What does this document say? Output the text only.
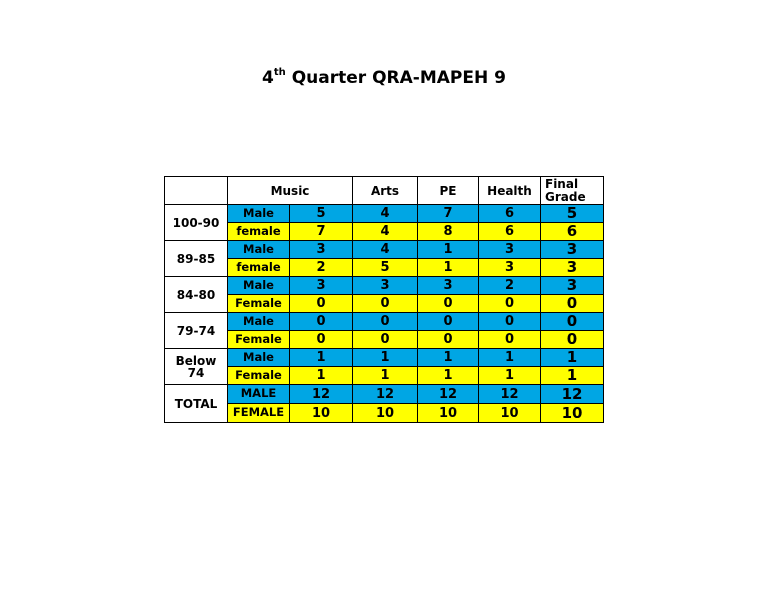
4th Quarter QRA-MAPEH 9
	Music		Arts	PE	Health	Final
Grade
100-90	Male	5	4	7	6	5
	female	7	4	8	6	6
89-85	Male	3	4	1	3	3
	female	2	5	1	3	3
84-80	Male	3	3	3	2	3
	Female	0	0	0	0	0
79-74	Male	0	0	0	0	0
	Female	0	0	0	0	0
Below
74	Male	1	1	1	1	1
	Female	1	1	1	1	1
TOTAL	MALE	12	12	12	12	12
	FEMALE	10	10	10	10	10
